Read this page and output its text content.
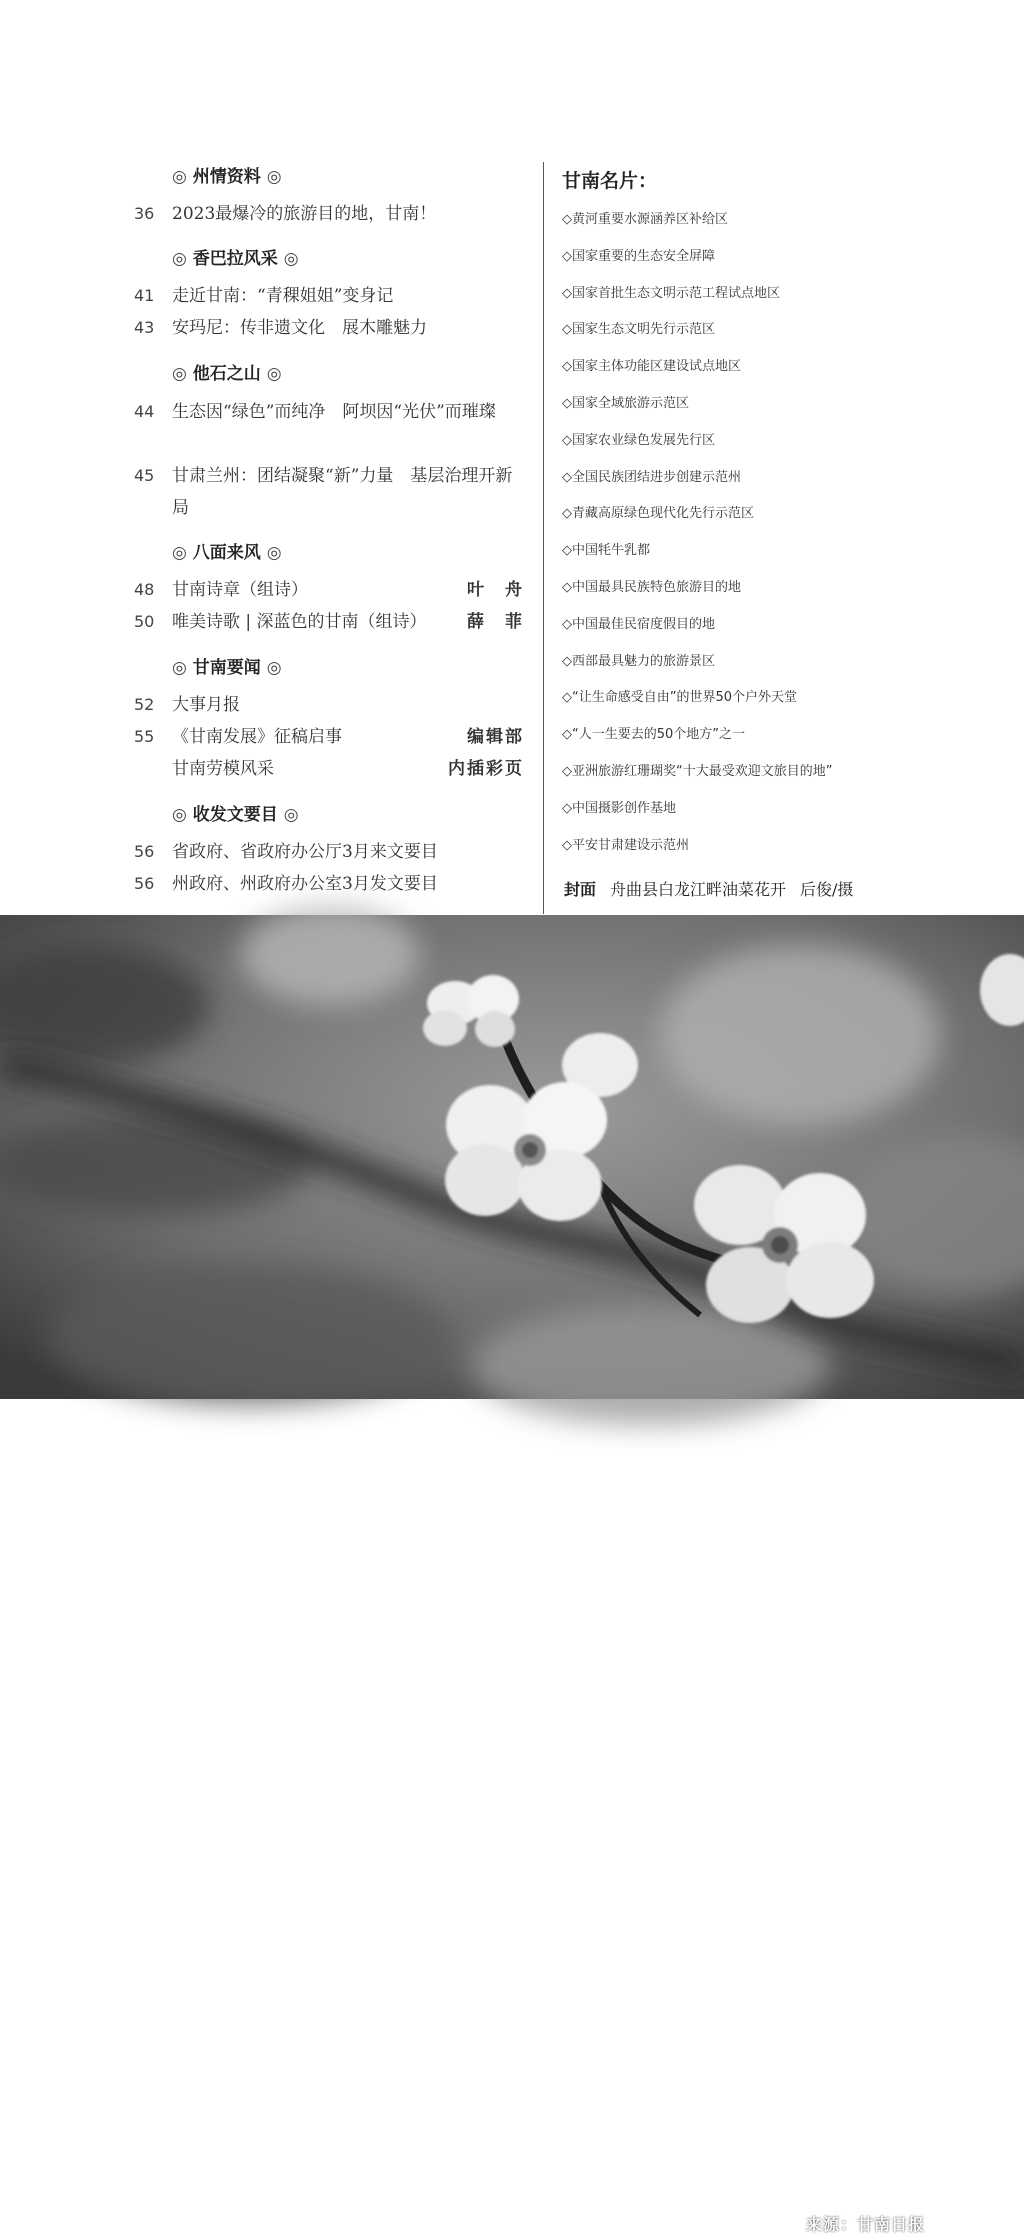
◎ 州情资料 ◎
36	2023最爆冷的旅游目的地，甘南！
◎ 香巴拉风采 ◎
41	走近甘南：“青稞姐姐”变身记
43	安玛尼：传非遗文化　展木雕魅力
◎ 他石之山 ◎
44	生态因“绿色”而纯净　阿坝因“光伏”而璀璨
45	甘肃兰州：团结凝聚“新”力量　基层治理开新局
◎ 八面来风 ◎
48	甘南诗章（组诗）	叶　舟
50	唯美诗歌 | 深蓝色的甘南（组诗）	薛　菲
◎ 甘南要闻 ◎
52	大事月报
55	《甘南发展》征稿启事	编辑部
甘南劳模风采	内插彩页
◎ 收发文要目 ◎
56	省政府、省政府办公厅3月来文要目
56	州政府、州政府办公室3月发文要目
甘南名片：
◇黄河重要水源涵养区补给区
◇国家重要的生态安全屏障
◇国家首批生态文明示范工程试点地区
◇国家生态文明先行示范区
◇国家主体功能区建设试点地区
◇国家全域旅游示范区
◇国家农业绿色发展先行区
◇全国民族团结进步创建示范州
◇青藏高原绿色现代化先行示范区
◇中国牦牛乳都
◇中国最具民族特色旅游目的地
◇中国最佳民宿度假目的地
◇西部最具魅力的旅游景区
◇“让生命感受自由”的世界50个户外天堂
◇“人一生要去的50个地方”之一
◇亚洲旅游红珊瑚奖“十大最受欢迎文旅目的地”
◇中国摄影创作基地
◇平安甘肃建设示范州
封面 舟曲县白龙江畔油菜花开 后俊/摄
来源：甘南日报
